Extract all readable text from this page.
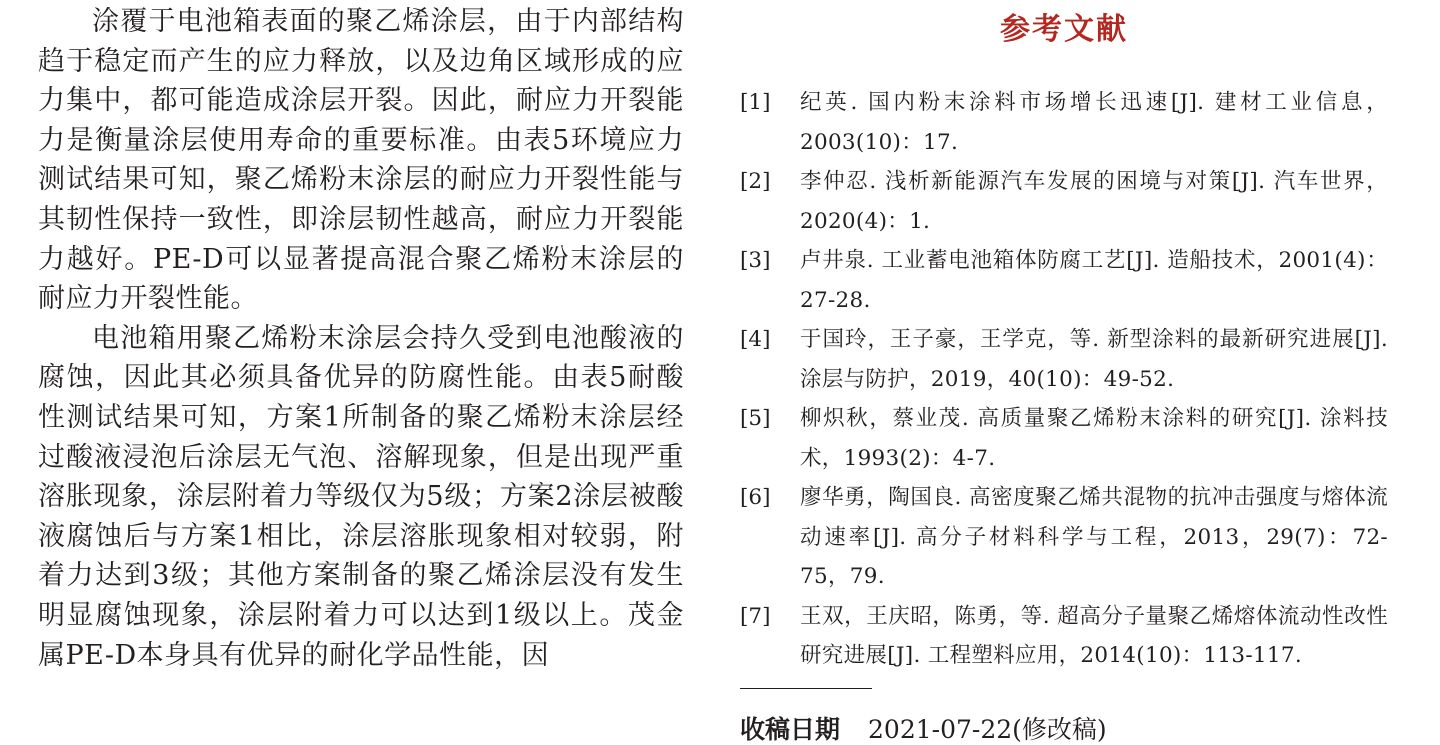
涂覆于电池箱表面的聚乙烯涂层，由于内部结构趋于稳定而产生的应力释放，以及边角区域形成的应力集中，都可能造成涂层开裂。因此，耐应力开裂能力是衡量涂层使用寿命的重要标准。由表5环境应力测试结果可知，聚乙烯粉末涂层的耐应力开裂性能与其韧性保持一致性，即涂层韧性越高，耐应力开裂能力越好。PE-D可以显著提高混合聚乙烯粉末涂层的耐应力开裂性能。

电池箱用聚乙烯粉末涂层会持久受到电池酸液的腐蚀，因此其必须具备优异的防腐性能。由表5耐酸性测试结果可知，方案1所制备的聚乙烯粉末涂层经过酸液浸泡后涂层无气泡、溶解现象，但是出现严重溶胀现象，涂层附着力等级仅为5级；方案2涂层被酸液腐蚀后与方案1相比，涂层溶胀现象相对较弱，附着力达到3级；其他方案制备的聚乙烯涂层没有发生明显腐蚀现象，涂层附着力可以达到1级以上。茂金属PE-D本身具有优异的耐化学品性能，因

参考文献
[1]	纪英. 国内粉末涂料市场增长迅速[J]. 建材工业信息，2003(10)：17.
[2]	李仲忍. 浅析新能源汽车发展的困境与对策[J]. 汽车世界，2020(4)：1.
[3]	卢井泉. 工业蓄电池箱体防腐工艺[J]. 造船技术，2001(4)：27-28.
[4]	于国玲，王子豪，王学克，等. 新型涂料的最新研究进展[J]. 涂层与防护，2019，40(10)：49-52.
[5]	柳炽秋，蔡业茂. 高质量聚乙烯粉末涂料的研究[J]. 涂料技术，1993(2)：4-7.
[6]	廖华勇，陶国良. 高密度聚乙烯共混物的抗冲击强度与熔体流动速率[J]. 高分子材料科学与工程，2013，29(7)：72-75，79.
[7]	王双，王庆昭，陈勇，等. 超高分子量聚乙烯熔体流动性改性研究进展[J]. 工程塑料应用，2014(10)：113-117.
收稿日期 2021-07-22(修改稿)
